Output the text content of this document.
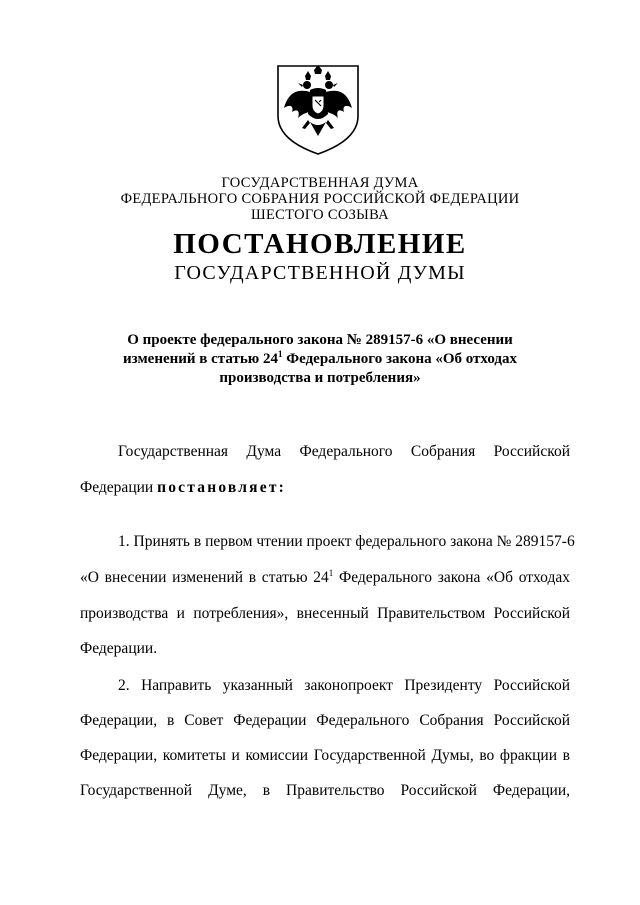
ГОСУДАРСТВЕННАЯ ДУМА
ФЕДЕРАЛЬНОГО СОБРАНИЯ РОССИЙСКОЙ ФЕДЕРАЦИИ
ШЕСТОГО СОЗЫВА
ПОСТАНОВЛЕНИЕ
ГОСУДАРСТВЕННОЙ ДУМЫ
О проекте федерального закона № 289157-6 «О внесении
изменений в статью $24^1$ Федерального закона «Об отходах
производства и потребления»
Государственная Дума Федерального Собрания Российской
Федерации постановляет:
1. Принять в первом чтении проект федерального закона № 289157-6
«О внесении изменений в статью $24^1$ Федерального закона «Об отходах
производства и потребления», внесенный Правительством Российской
Федерации.
2. Направить указанный законопроект Президенту Российской
Федерации, в Совет Федерации Федерального Собрания Российской
Федерации, комитеты и комиссии Государственной Думы, во фракции в
Государственной Думе, в Правительство Российской Федерации,
